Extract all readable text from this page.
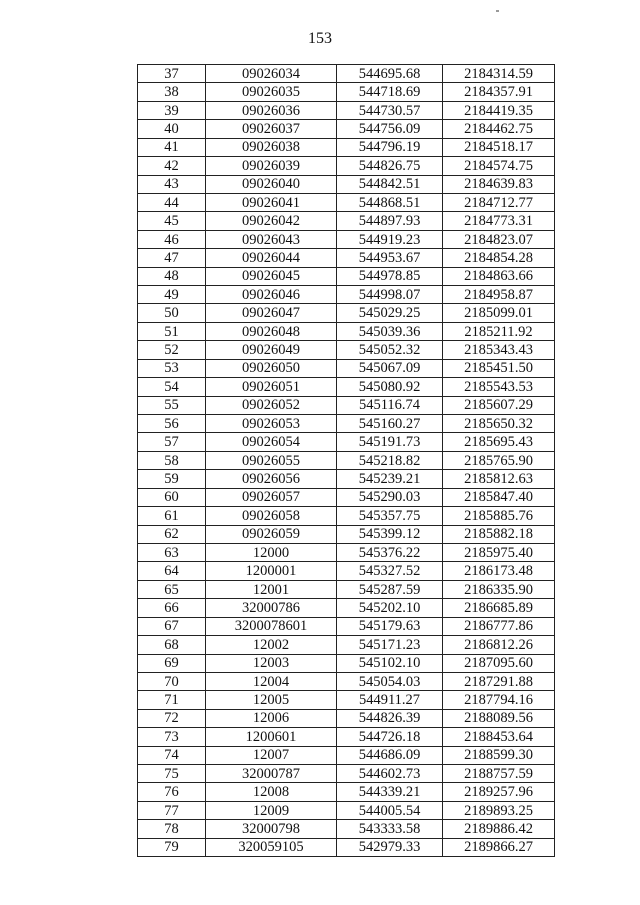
153
37	09026034	544695.68	2184314.59
38	09026035	544718.69	2184357.91
39	09026036	544730.57	2184419.35
40	09026037	544756.09	2184462.75
41	09026038	544796.19	2184518.17
42	09026039	544826.75	2184574.75
43	09026040	544842.51	2184639.83
44	09026041	544868.51	2184712.77
45	09026042	544897.93	2184773.31
46	09026043	544919.23	2184823.07
47	09026044	544953.67	2184854.28
48	09026045	544978.85	2184863.66
49	09026046	544998.07	2184958.87
50	09026047	545029.25	2185099.01
51	09026048	545039.36	2185211.92
52	09026049	545052.32	2185343.43
53	09026050	545067.09	2185451.50
54	09026051	545080.92	2185543.53
55	09026052	545116.74	2185607.29
56	09026053	545160.27	2185650.32
57	09026054	545191.73	2185695.43
58	09026055	545218.82	2185765.90
59	09026056	545239.21	2185812.63
60	09026057	545290.03	2185847.40
61	09026058	545357.75	2185885.76
62	09026059	545399.12	2185882.18
63	12000	545376.22	2185975.40
64	1200001	545327.52	2186173.48
65	12001	545287.59	2186335.90
66	32000786	545202.10	2186685.89
67	3200078601	545179.63	2186777.86
68	12002	545171.23	2186812.26
69	12003	545102.10	2187095.60
70	12004	545054.03	2187291.88
71	12005	544911.27	2187794.16
72	12006	544826.39	2188089.56
73	1200601	544726.18	2188453.64
74	12007	544686.09	2188599.30
75	32000787	544602.73	2188757.59
76	12008	544339.21	2189257.96
77	12009	544005.54	2189893.25
78	32000798	543333.58	2189886.42
79	320059105	542979.33	2189866.27
